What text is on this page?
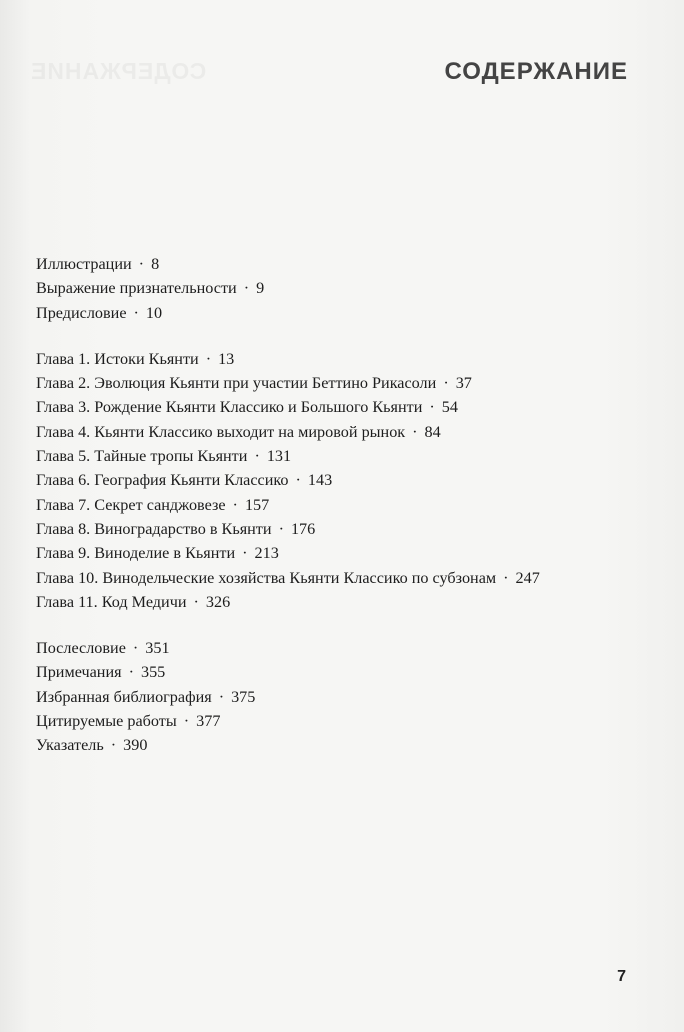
СОДЕРЖАНИЕ
Иллюстрации · 8
Выражение признательности · 9
Предисловие · 10
Глава 1. Истоки Кьянти · 13
Глава 2. Эволюция Кьянти при участии Беттино Рикасоли · 37
Глава 3. Рождение Кьянти Классико и Большого Кьянти · 54
Глава 4. Кьянти Классико выходит на мировой рынок · 84
Глава 5. Тайные тропы Кьянти · 131
Глава 6. География Кьянти Классико · 143
Глава 7. Секрет санджовезе · 157
Глава 8. Виноградарство в Кьянти · 176
Глава 9. Виноделие в Кьянти · 213
Глава 10. Винодельческие хозяйства Кьянти Классико по субзонам · 247
Глава 11. Код Медичи · 326
Послесловие · 351
Примечания · 355
Избранная библиография · 375
Цитируемые работы · 377
Указатель · 390
7
